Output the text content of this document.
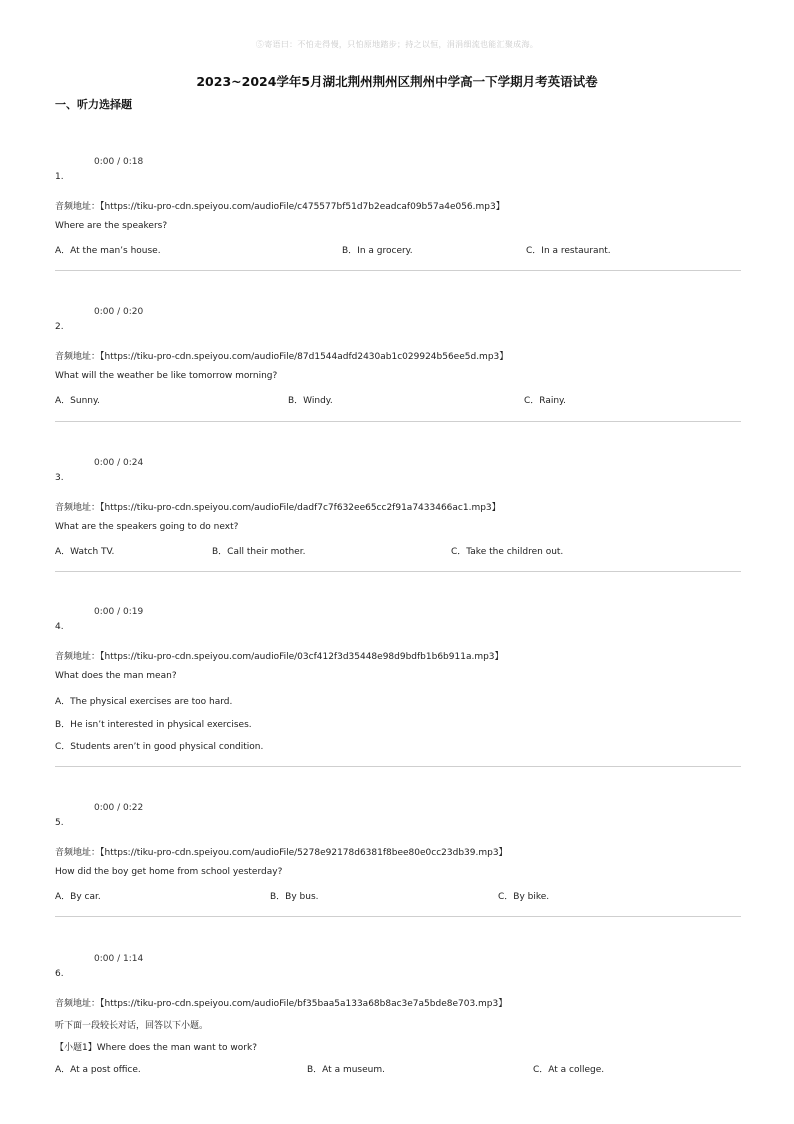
⑤寄语曰：不怕走得慢，只怕原地踏步；持之以恒，涓涓细流也能汇聚成海。
2023~2024学年5月湖北荆州荆州区荆州中学高一下学期月考英语试卷
一、听力选择题
0:00 / 0:18
1.
音频地址：【https://tiku-pro-cdn.speiyou.com/audioFile/c475577bf51d7b2eadcaf09b57a4e056.mp3】
Where are the speakers?
A．At the man’s house.	B．In a grocery.	C．In a restaurant.
0:00 / 0:20
2.
音频地址：【https://tiku-pro-cdn.speiyou.com/audioFile/87d1544adfd2430ab1c029924b56ee5d.mp3】
What will the weather be like tomorrow morning?
A．Sunny.	B．Windy.	C．Rainy.
0:00 / 0:24
3.
音频地址：【https://tiku-pro-cdn.speiyou.com/audioFile/dadf7c7f632ee65cc2f91a7433466ac1.mp3】
What are the speakers going to do next?
A．Watch TV.	B．Call their mother.	C．Take the children out.
0:00 / 0:19
4.
音频地址：【https://tiku-pro-cdn.speiyou.com/audioFile/03cf412f3d35448e98d9bdfb1b6b911a.mp3】
What does the man mean?
A．The physical exercises are too hard.
B．He isn’t interested in physical exercises.
C．Students aren’t in good physical condition.
0:00 / 0:22
5.
音频地址：【https://tiku-pro-cdn.speiyou.com/audioFile/5278e92178d6381f8bee80e0cc23db39.mp3】
How did the boy get home from school yesterday?
A．By car.	B．By bus.	C．By bike.
0:00 / 1:14
6.
音频地址：【https://tiku-pro-cdn.speiyou.com/audioFile/bf35baa5a133a68b8ac3e7a5bde8e703.mp3】
听下面一段较长对话，回答以下小题。
【小题1】Where does the man want to work?
A．At a post office.	B．At a museum.	C．At a college.
